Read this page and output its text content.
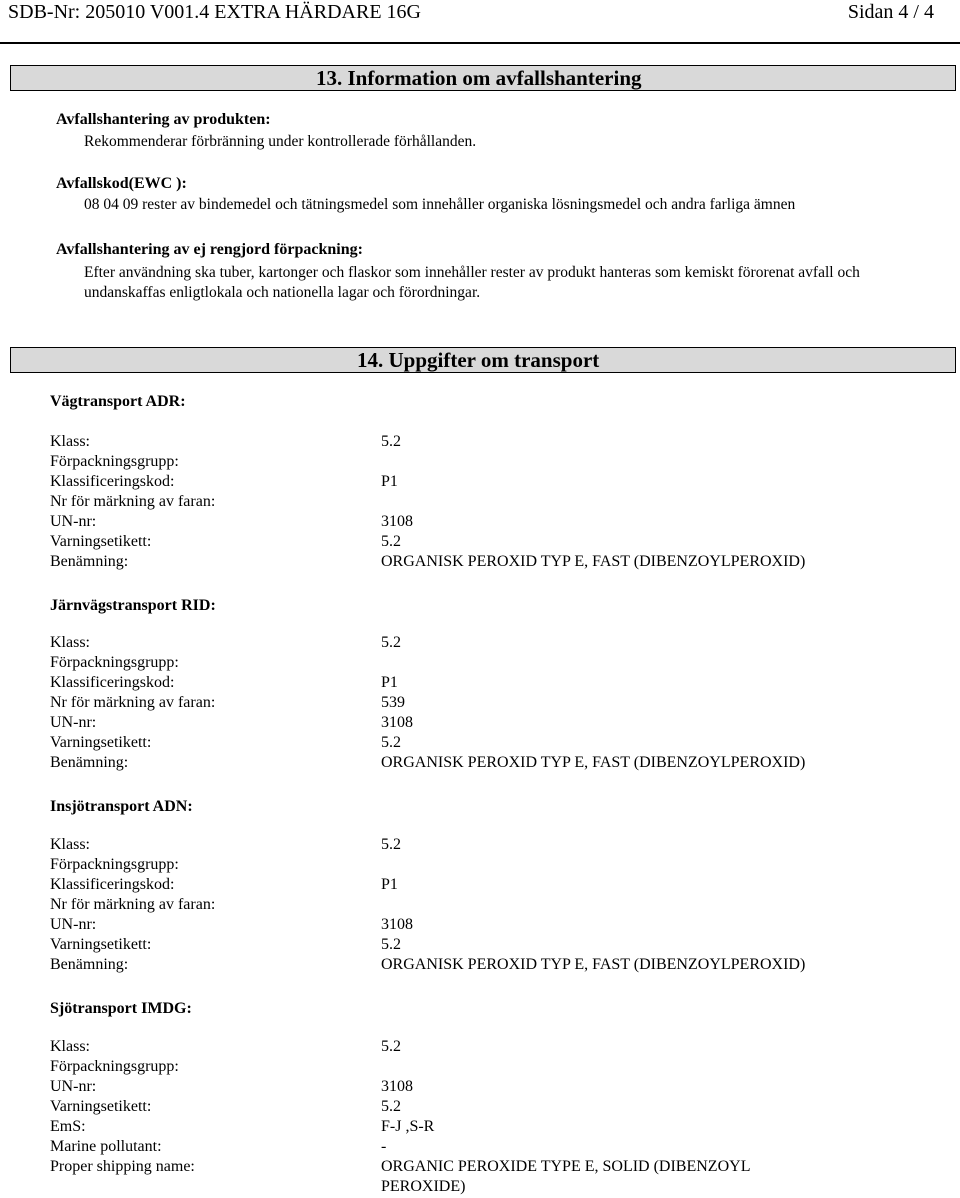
SDB-Nr: 205010 V001.4 EXTRA HÄRDARE 16G	Sidan 4 / 4
13. Information om avfallshantering
Avfallshantering av produkten:
Rekommenderar förbränning under kontrollerade förhållanden.
Avfallskod(EWC ):
08 04 09 rester av bindemedel och tätningsmedel som innehåller organiska lösningsmedel och andra farliga ämnen
Avfallshantering av ej rengjord förpackning:
Efter användning ska tuber, kartonger och flaskor som innehåller rester av produkt hanteras som kemiskt förorenat avfall och
undanskaffas enligtlokala och nationella lagar och förordningar.
14. Uppgifter om transport
Vägtransport ADR:
Klass:	5.2
Förpackningsgrupp:
Klassificeringskod:	P1
Nr för märkning av faran:
UN-nr:	3108
Varningsetikett:	5.2
Benämning:	ORGANISK PEROXID TYP E, FAST (DIBENZOYLPEROXID)
Järnvägstransport RID:
Klass:	5.2
Förpackningsgrupp:
Klassificeringskod:	P1
Nr för märkning av faran:	539
UN-nr:	3108
Varningsetikett:	5.2
Benämning:	ORGANISK PEROXID TYP E, FAST (DIBENZOYLPEROXID)
Insjötransport ADN:
Klass:	5.2
Förpackningsgrupp:
Klassificeringskod:	P1
Nr för märkning av faran:
UN-nr:	3108
Varningsetikett:	5.2
Benämning:	ORGANISK PEROXID TYP E, FAST (DIBENZOYLPEROXID)
Sjötransport IMDG:
Klass:	5.2
Förpackningsgrupp:
UN-nr:	3108
Varningsetikett:	5.2
EmS:	F-J ,S-R
Marine pollutant:	-
Proper shipping name:	ORGANIC PEROXIDE TYPE E, SOLID (DIBENZOYL
PEROXIDE)
